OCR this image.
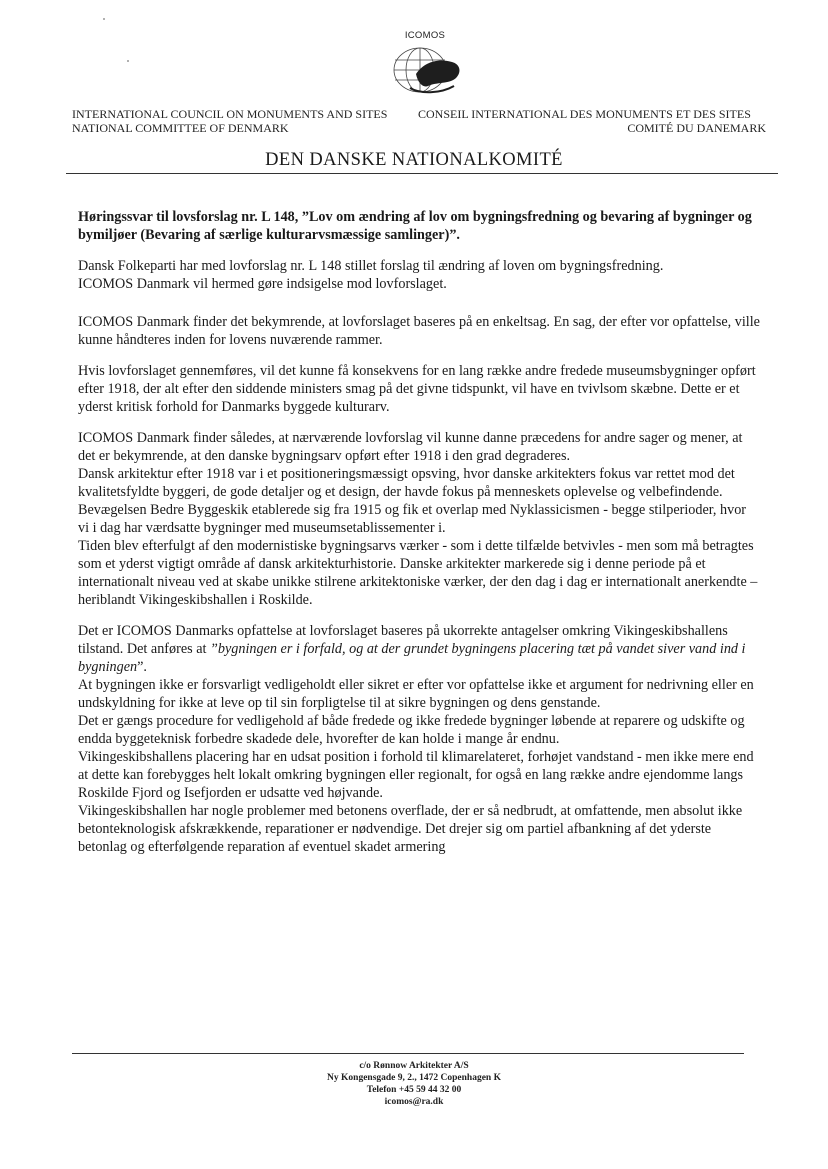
ICOMOS
INTERNATIONAL COUNCIL ON MONUMENTS AND SITES
NATIONAL COMMITTEE OF DENMARK
CONSEIL INTERNATIONAL DES MONUMENTS ET DES SITES
COMITÉ DU DANEMARK
DEN DANSKE NATIONALKOMITÉ

Høringssvar til lovsforslag nr. L 148, ”Lov om ændring af lov om bygningsfredning og bevaring af bygninger og bymiljøer (Bevaring af særlige kulturarvsmæssige samlinger)”.

Dansk Folkeparti har med lovforslag nr. L 148 stillet forslag til ændring af loven om bygningsfredning.
ICOMOS Danmark vil hermed gøre indsigelse mod lovforslaget.
ICOMOS Danmark finder det bekymrende, at lovforslaget baseres på en enkeltsag. En sag, der efter vor opfattelse, ville kunne håndteres inden for lovens nuværende rammer.
Hvis lovforslaget gennemføres, vil det kunne få konsekvens for en lang række andre fredede museumsbygninger opført efter 1918, der alt efter den siddende ministers smag på det givne tidspunkt, vil have en tvivlsom skæbne. Dette er et yderst kritisk forhold for Danmarks byggede kulturarv.
ICOMOS Danmark finder således, at nærværende lovforslag vil kunne danne præcedens for andre sager og mener, at det er bekymrende, at den danske bygningsarv opført efter 1918 i den grad degraderes.
Dansk arkitektur efter 1918 var i et positioneringsmæssigt opsving, hvor danske arkitekters fokus var rettet mod det kvalitetsfyldte byggeri, de gode detaljer og et design, der havde fokus på menneskets oplevelse og velbefindende. Bevægelsen Bedre Byggeskik etablerede sig fra 1915 og fik et overlap med Nyklassicismen - begge stilperioder, hvor vi i dag har værdsatte bygninger med museumsetablissementer i.
Tiden blev efterfulgt af den modernistiske bygningsarvs værker - som i dette tilfælde betvivles - men som må betragtes som et yderst vigtigt område af dansk arkitekturhistorie. Danske arkitekter markerede sig i denne periode på et internationalt niveau ved at skabe unikke stilrene arkitektoniske værker, der den dag i dag er internationalt anerkendte – heriblandt Vikingeskibshallen i Roskilde.
Det er ICOMOS Danmarks opfattelse at lovforslaget baseres på ukorrekte antagelser omkring Vikingeskibshallens tilstand. Det anføres at ”bygningen er i forfald, og at der grundet bygningens placering tæt på vandet siver vand ind i bygningen”.
At bygningen ikke er forsvarligt vedligeholdt eller sikret er efter vor opfattelse ikke et argument for nedrivning eller en undskyldning for ikke at leve op til sin forpligtelse til at sikre bygningen og dens genstande.
Det er gængs procedure for vedligehold af både fredede og ikke fredede bygninger løbende at reparere og udskifte og endda byggeteknisk forbedre skadede dele, hvorefter de kan holde i mange år endnu.
Vikingeskibshallens placering har en udsat position i forhold til klimarelateret, forhøjet vandstand - men ikke mere end at dette kan forebygges helt lokalt omkring bygningen eller regionalt, for også en lang række andre ejendomme langs Roskilde Fjord og Isefjorden er udsatte ved højvande.
Vikingeskibshallen har nogle problemer med betonens overflade, der er så nedbrudt, at omfattende, men absolut ikke betonteknologisk afskrækkende, reparationer er nødvendige. Det drejer sig om partiel afbankning af det yderste betonlag og efterfølgende reparation af eventuel skadet armering
c/o Rønnow Arkitekter A/S
Ny Kongensgade 9, 2., 1472 Copenhagen K
Telefon +45 59 44 32 00
icomos@ra.dk
